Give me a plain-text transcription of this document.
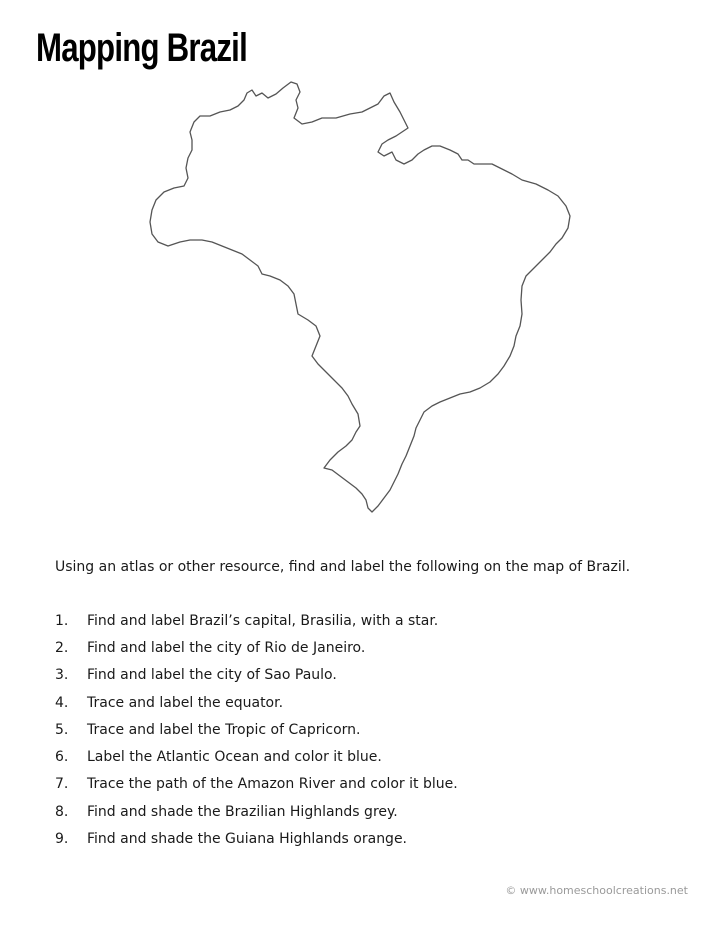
Mapping Brazil

Using an atlas or other resource, find and label the following on the map of Brazil.

1.	Find and label Brazil’s capital, Brasilia, with a star.
2.	Find and label the city of Rio de Janeiro.
3.	Find and label the city of Sao Paulo.
4.	Trace and label the equator.
5.	Trace and label the Tropic of Capricorn.
6.	Label the Atlantic Ocean and color it blue.
7.	Trace the path of the Amazon River and color it blue.
8.	Find and shade the Brazilian Highlands grey.
9.	Find and shade the Guiana Highlands orange.
© www.homeschoolcreations.net
